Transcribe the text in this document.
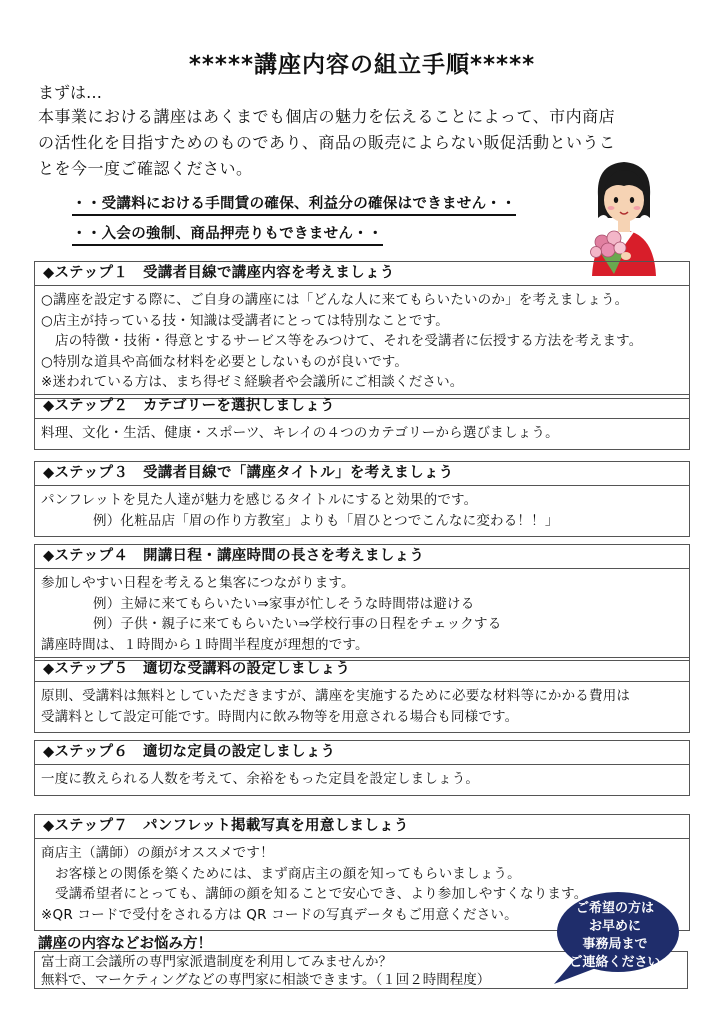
*****講座内容の組立手順*****
まずは…
本事業における講座はあくまでも個店の魅力を伝えることによって、市内商店
の活性化を目指すためのものであり、商品の販売によらない販促活動というこ
とを今一度ご確認ください。
・・受講料における手間賃の確保、利益分の確保はできません・・
・・入会の強制、商品押売りもできません・・
◆ステップ１　受講者目線で講座内容を考えましょう
○講座を設定する際に、ご自身の講座には「どんな人に来てもらいたいのか」を考えましょう。
○店主が持っている技・知識は受講者にとっては特別なことです。
店の特徴・技術・得意とするサービス等をみつけて、それを受講者に伝授する方法を考えます。
○特別な道具や高価な材料を必要としないものが良いです。
※迷われている方は、まち得ゼミ経験者や会議所にご相談ください。
◆ステップ２　カテゴリーを選択しましょう
料理、文化・生活、健康・スポーツ、キレイの４つのカテゴリーから選びましょう。
◆ステップ３　受講者目線で「講座タイトル」を考えましょう
パンフレットを見た人達が魅力を感じるタイトルにすると効果的です。
例）化粧品店「眉の作り方教室」よりも「眉ひとつでこんなに変わる！！」
◆ステップ４　開講日程・講座時間の長さを考えましょう
参加しやすい日程を考えると集客につながります。
例）主婦に来てもらいたい⇒家事が忙しそうな時間帯は避ける
例）子供・親子に来てもらいたい⇒学校行事の日程をチェックする
講座時間は、１時間から１時間半程度が理想的です。
◆ステップ５　適切な受講料の設定しましょう
原則、受講料は無料としていただきますが、講座を実施するために必要な材料等にかかる費用は
受講料として設定可能です。時間内に飲み物等を用意される場合も同様です。
◆ステップ６　適切な定員の設定しましょう
一度に教えられる人数を考えて、余裕をもった定員を設定しましょう。
◆ステップ７　パンフレット掲載写真を用意しましょう
商店主（講師）の顔がオススメです！
お客様との関係を築くためには、まず商店主の顔を知ってもらいましょう。
受講希望者にとっても、講師の顔を知ることで安心でき、より参加しやすくなります。
※QR コードで受付をされる方は QR コードの写真データもご用意ください。
講座の内容などお悩み方！
富士商工会議所の専門家派遣制度を利用してみませんか？
無料で、マーケティングなどの専門家に相談できます。（１回２時間程度）
ご希望の方は
お早めに
事務局まで
ご連絡ください
